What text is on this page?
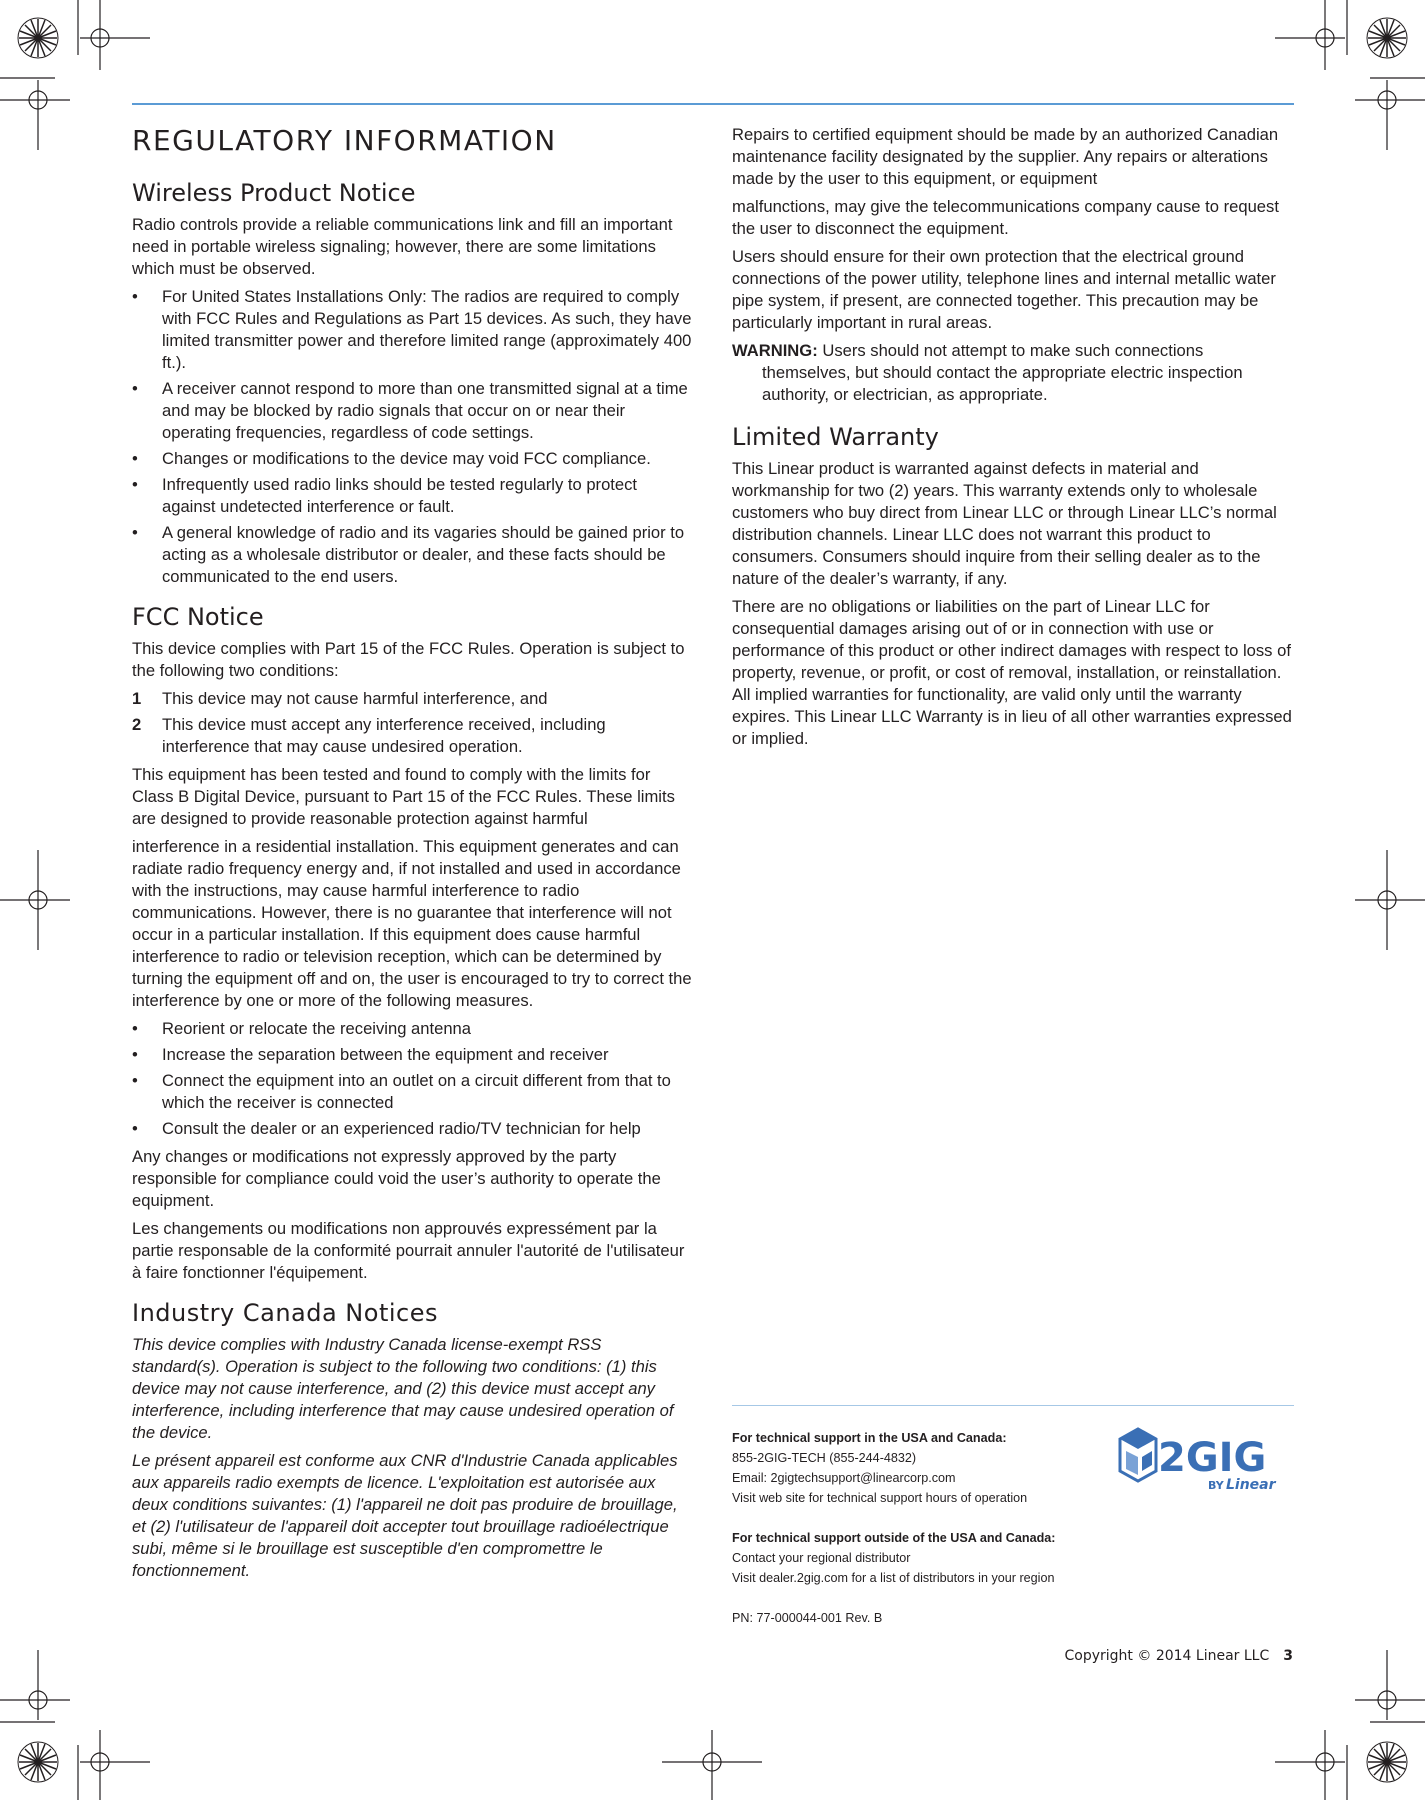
REGULATORY INFORMATION
Wireless Product Notice

Radio controls provide a reliable communications link and fill an important need in portable wireless signaling; however, there are some limitations which must be observed.

•	For United States Installations Only: The radios are required to comply with FCC Rules and Regulations as Part 15 devices. As such, they have limited transmitter power and therefore limited range (approximately 400 ft.).
•	A receiver cannot respond to more than one transmitted signal at a time and may be blocked by radio signals that occur on or near their operating frequencies, regardless of code settings.
•	Changes or modifications to the device may void FCC compliance.
•	Infrequently used radio links should be tested regularly to protect against undetected interference or fault.
•	A general knowledge of radio and its vagaries should be gained prior to acting as a wholesale distributor or dealer, and these facts should be communicated to the end users.
FCC Notice

This device complies with Part 15 of the FCC Rules. Operation is subject to the following two conditions:

1 This device may not cause harmful interference, and
2 This device must accept any interference received, including interference that may cause undesired operation.

This equipment has been tested and found to comply with the limits for Class B Digital Device, pursuant to Part 15 of the FCC Rules. These limits are designed to provide reasonable protection against harmful

interference in a residential installation. This equipment generates and can radiate radio frequency energy and, if not installed and used in accordance with the instructions, may cause harmful interference to radio communications. However, there is no guarantee that interference will not occur in a particular installation. If this equipment does cause harmful interference to radio or television reception, which can be determined by turning the equipment off and on, the user is encouraged to try to correct the interference by one or more of the following measures.

•	Reorient or relocate the receiving antenna
•	Increase the separation between the equipment and receiver
•	Connect the equipment into an outlet on a circuit different from that to which the receiver is connected
•	Consult the dealer or an experienced radio/TV technician for help

Any changes or modifications not expressly approved by the party responsible for compliance could void the user’s authority to operate the equipment.

Les changements ou modifications non approuvés expressément par la partie responsable de la conformité pourrait annuler l'autorité de l'utilisateur à faire fonctionner l'équipement.

Industry Canada Notices

This device complies with Industry Canada license-exempt RSS standard(s). Operation is subject to the following two conditions: (1) this device may not cause interference, and (2) this device must accept any interference, including interference that may cause undesired operation of the device.

Le présent appareil est conforme aux CNR d'Industrie Canada applicables aux appareils radio exempts de licence. L'exploitation est autorisée aux deux conditions suivantes: (1) l'appareil ne doit pas produire de brouillage, et (2) l'utilisateur de l'appareil doit accepter tout brouillage radioélectrique subi, même si le brouillage est susceptible d'en compromettre le fonctionnement.

Repairs to certified equipment should be made by an authorized Canadian maintenance facility designated by the supplier. Any repairs or alterations made by the user to this equipment, or equipment

malfunctions, may give the telecommunications company cause to request the user to disconnect the equipment.

Users should ensure for their own protection that the electrical ground connections of the power utility, telephone lines and internal metallic water pipe system, if present, are connected together. This precaution may be particularly important in rural areas.

WARNING: Users should not attempt to make such connections themselves, but should contact the appropriate electric inspection authority, or electrician, as appropriate.

Limited Warranty

This Linear product is warranted against defects in material and workmanship for two (2) years. This warranty extends only to wholesale customers who buy direct from Linear LLC or through Linear LLC’s normal distribution channels. Linear LLC does not warrant this product to consumers. Consumers should inquire from their selling dealer as to the nature of the dealer’s warranty, if any.

There are no obligations or liabilities on the part of Linear LLC for consequential damages arising out of or in connection with use or performance of this product or other indirect damages with respect to loss of property, revenue, or profit, or cost of removal, installation, or reinstallation. All implied warranties for functionality, are valid only until the warranty expires. This Linear LLC Warranty is in lieu of all other warranties expressed or implied.

For technical support in the USA and Canada:
855-2GIG-TECH (855-244-4832)
Email: 2gigtechsupport@linearcorp.com
Visit web site for technical support hours of operation
For technical support outside of the USA and Canada:
Contact your regional distributor
Visit dealer.2gig.com for a list of distributors in your region
PN: 77-000044-001 Rev. B
2GIG
BY Linear
Copyright © 2014 Linear LLC 3
